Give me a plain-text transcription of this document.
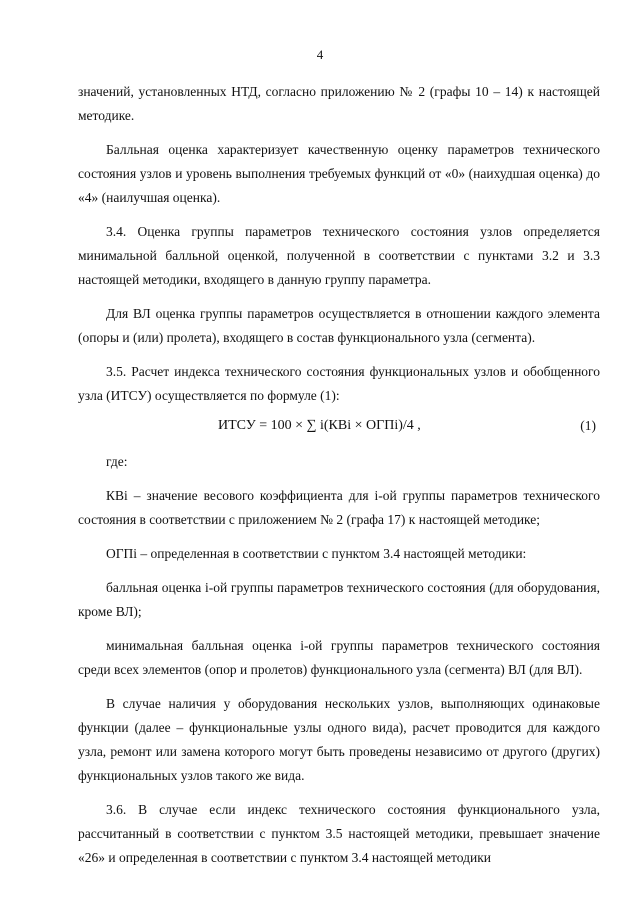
4

значений, установленных НТД, согласно приложению № 2 (графы 10 – 14) к настоящей методике.

Балльная оценка характеризует качественную оценку параметров технического состояния узлов и уровень выполнения требуемых функций от «0» (наихудшая оценка) до «4» (наилучшая оценка).

3.4. Оценка группы параметров технического состояния узлов определяется минимальной балльной оценкой, полученной в соответствии с пунктами 3.2 и 3.3 настоящей методики, входящего в данную группу параметра.

Для ВЛ оценка группы параметров осуществляется в отношении каждого элемента (опоры и (или) пролета), входящего в состав функционального узла (сегмента).

3.5. Расчет индекса технического состояния функциональных узлов и обобщенного узла (ИТСУ) осуществляется по формуле (1):

ИТСУ = 100 × ∑ i(КВi × ОГПi)/4 ,	(1)

где:

КВi – значение весового коэффициента для i-ой группы параметров технического состояния в соответствии с приложением № 2 (графа 17) к настоящей методике;

ОГПi – определенная в соответствии с пунктом 3.4 настоящей методики:

балльная оценка i-ой группы параметров технического состояния (для оборудования, кроме ВЛ);

минимальная балльная оценка i-ой группы параметров технического состояния среди всех элементов (опор и пролетов) функционального узла (сегмента) ВЛ (для ВЛ).

В случае наличия у оборудования нескольких узлов, выполняющих одинаковые функции (далее – функциональные узлы одного вида), расчет проводится для каждого узла, ремонт или замена которого могут быть проведены независимо от другого (других) функциональных узлов такого же вида.

3.6. В случае если индекс технического состояния функционального узла, рассчитанный в соответствии с пунктом 3.5 настоящей методики, превышает значение «26» и определенная в соответствии с пунктом 3.4 настоящей методики
